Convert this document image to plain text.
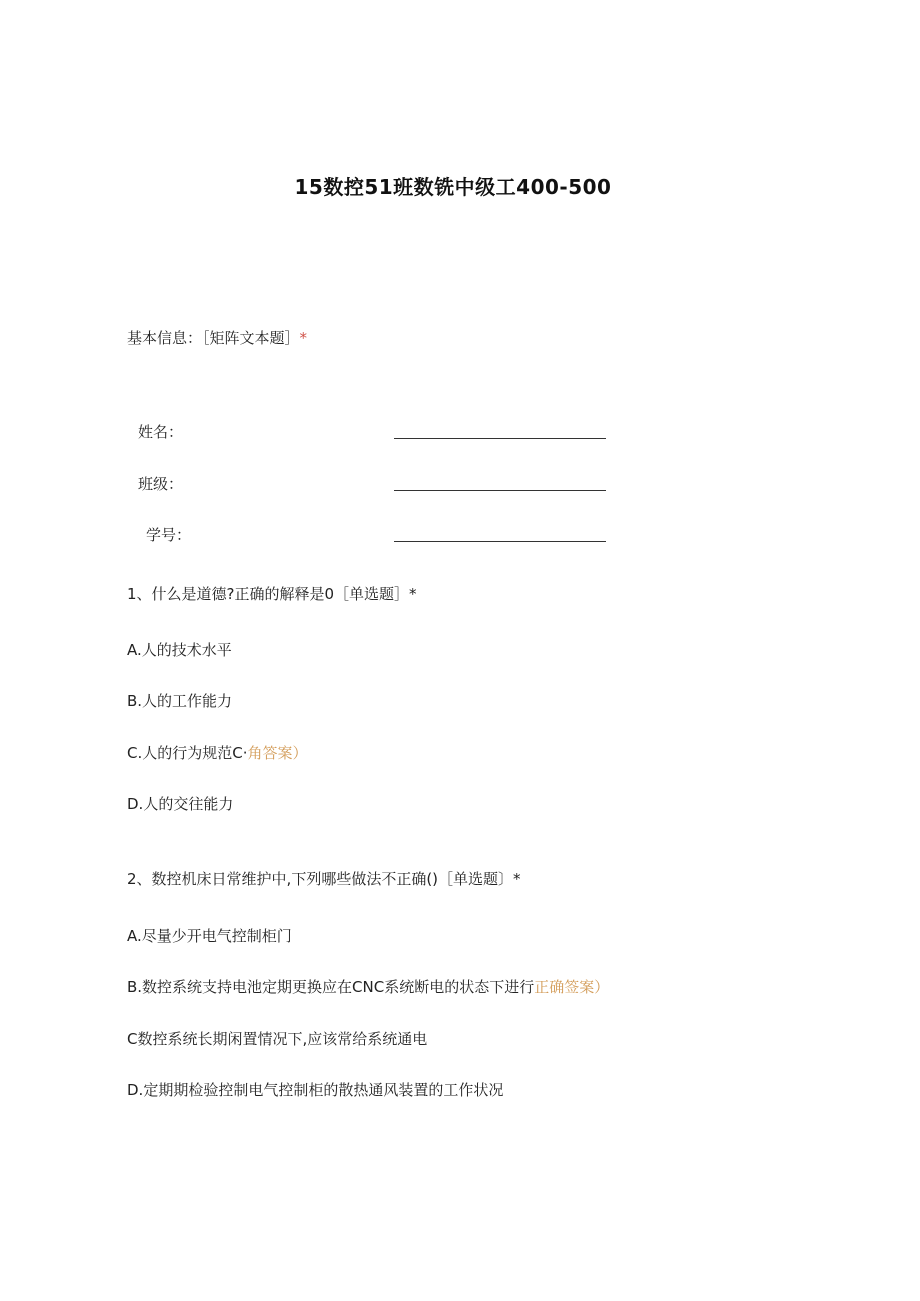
15数控51班数铣中级工400-500
基本信息：［矩阵文本题］*
姓名：
班级：
学号：
1、什么是道德?正确的解释是0［单选题］*
A.人的技术水平
B.人的工作能力
C.人的行为规范C·角答案）
D.人的交往能力
2、数控机床日常维护中,下列哪些做法不正确()［单选题〕*
A.尽量少开电气控制柜门
B.数控系统支持电池定期更换应在CNC系统断电的状态下进行正确签案）
C数控系统长期闲置情况下,应该常给系统通电
D.定期期检验控制电气控制柜的散热通风装置的工作状况
